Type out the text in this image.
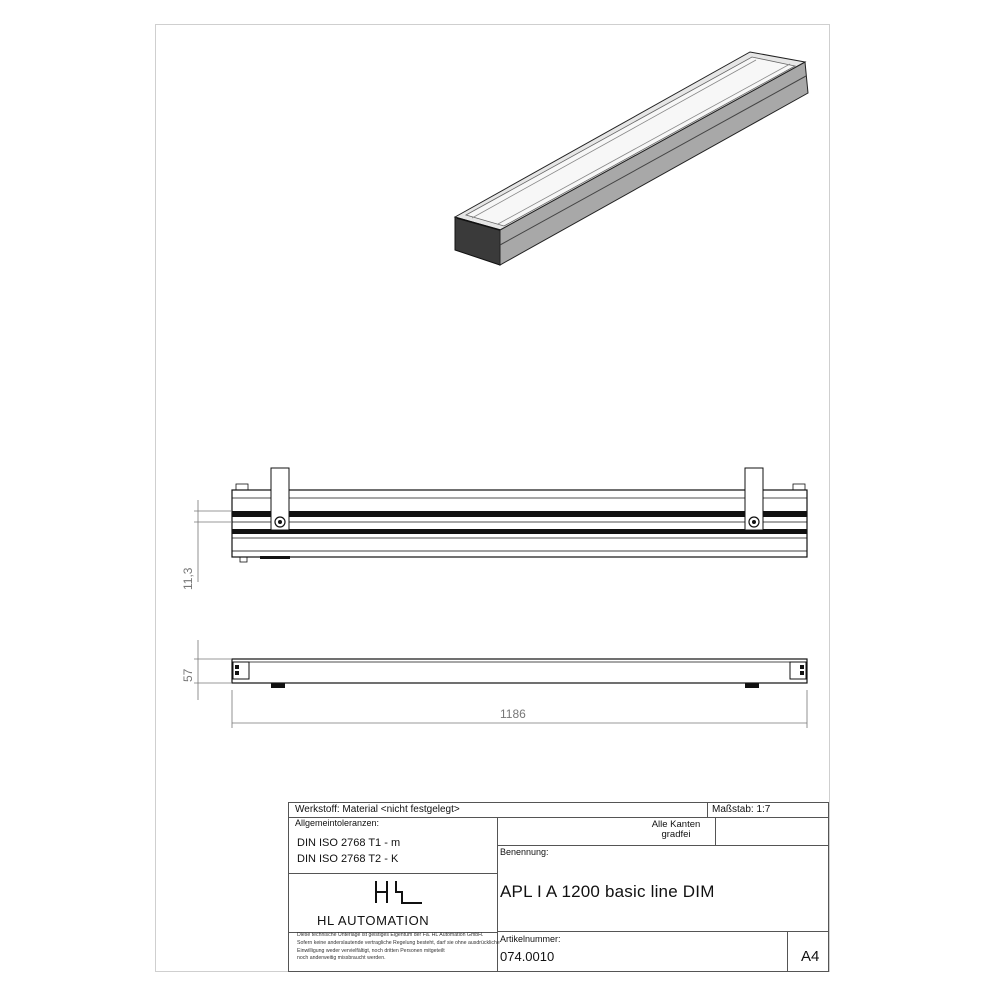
11,3
57
1186
Werkstoff: Material <nicht festgelegt>	Maßstab: 1:7
Allgemeintoleranzen:
DIN ISO 2768 T1 - m
DIN ISO 2768 T2 - K
Alle Kanten
gradfei
Benennung:
APL I A 1200 basic line DIM
HL AUTOMATION
Diese technische Unterlage ist geistiges Eigentum der Fa. HL Automation GmbH.
Sofern keine anderslautende vertragliche Regelung besteht, darf sie ohne ausdrückliche Einwilligung weder vervielfältigt, noch dritten Personen mitgeteilt
noch anderweitig missbraucht werden.
Artikelnummer:
074.0010	A4
